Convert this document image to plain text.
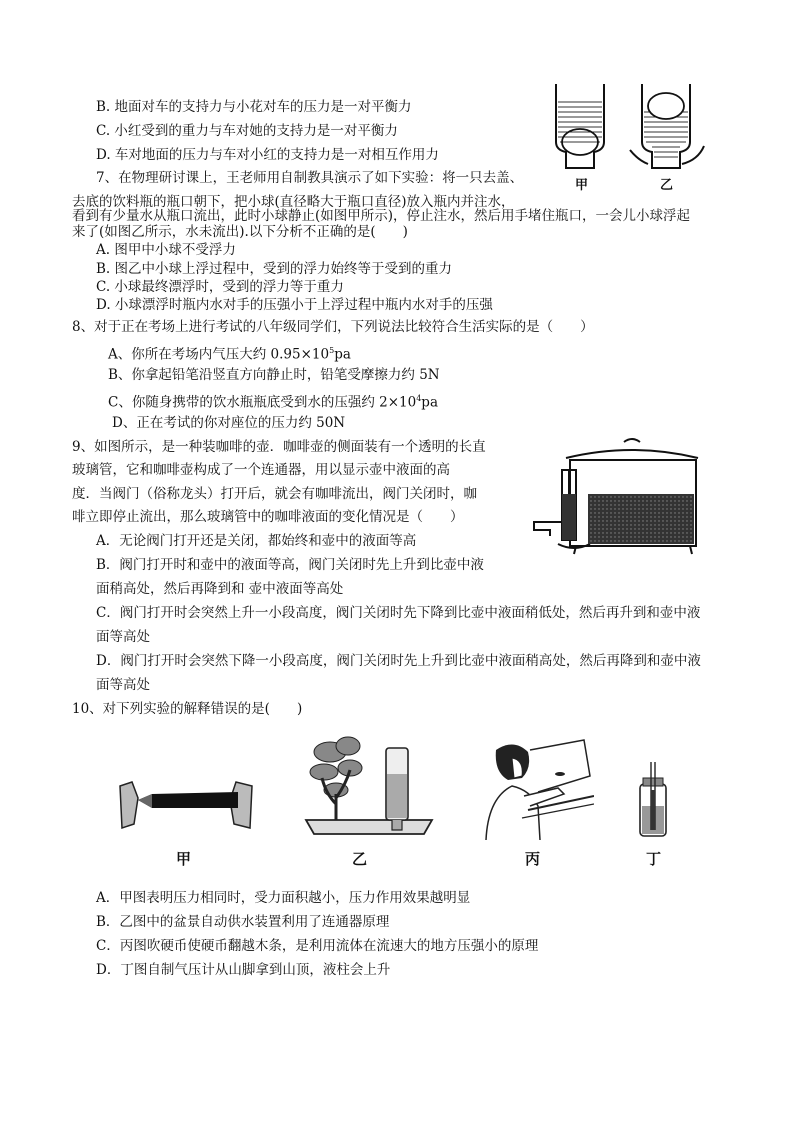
B. 地面对车的支持力与小花对车的压力是一对平衡力
C. 小红受到的重力与车对她的支持力是一对平衡力
D. 车对地面的压力与车对小红的支持力是一对相互作用力
甲	乙
7、在物理研讨课上，王老师用自制教具演示了如下实验：将一只去盖、
去底的饮料瓶的瓶口朝下，把小球(直径略大于瓶口直径)放入瓶内并注水，
看到有少量水从瓶口流出，此时小球静止(如图甲所示)，停止注水，然后用手堵住瓶口，一会儿小球浮起
来了(如图乙所示，水未流出).以下分析不正确的是(　　)
A. 图甲中小球不受浮力
B. 图乙中小球上浮过程中，受到的浮力始终等于受到的重力
C. 小球最终漂浮时，受到的浮力等于重力
D. 小球漂浮时瓶内水对手的压强小于上浮过程中瓶内水对手的压强
8、对于正在考场上进行考试的八年级同学们，下列说法比较符合生活实际的是（　　）
A、你所在考场内气压大约 $0.95\times 10^5pa$
B、你拿起铅笔沿竖直方向静止时，铅笔受摩擦力约 5N
C、你随身携带的饮水瓶瓶底受到水的压强约 $2\times 10^4pa$
D、正在考试的你对座位的压力约 50N
9、如图所示，是一种装咖啡的壶．咖啡壶的侧面装有一个透明的长直
玻璃管，它和咖啡壶构成了一个连通器，用以显示壶中液面的高
度．当阀门（俗称龙头）打开后，就会有咖啡流出，阀门关闭时，咖
啡立即停止流出，那么玻璃管中的咖啡液面的变化情况是（　　）
A．无论阀门打开还是关闭，都始终和壶中的液面等高
B．阀门打开时和壶中的液面等高，阀门关闭时先上升到比壶中液
面稍高处，然后再降到和 壶中液面等高处
C．阀门打开时会突然上升一小段高度，阀门关闭时先下降到比壶中液面稍低处，然后再升到和壶中液
面等高处
D．阀门打开时会突然下降一小段高度，阀门关闭时先上升到比壶中液面稍高处，然后再降到和壶中液
面等高处
10、对下列实验的解释错误的是(　　)
甲	乙	丙	丁
A．甲图表明压力相同时，受力面积越小，压力作用效果越明显
B．乙图中的盆景自动供水装置利用了连通器原理
C．丙图吹硬币使硬币翻越木条，是利用流体在流速大的地方压强小的原理
D．丁图自制气压计从山脚拿到山顶，液柱会上升
